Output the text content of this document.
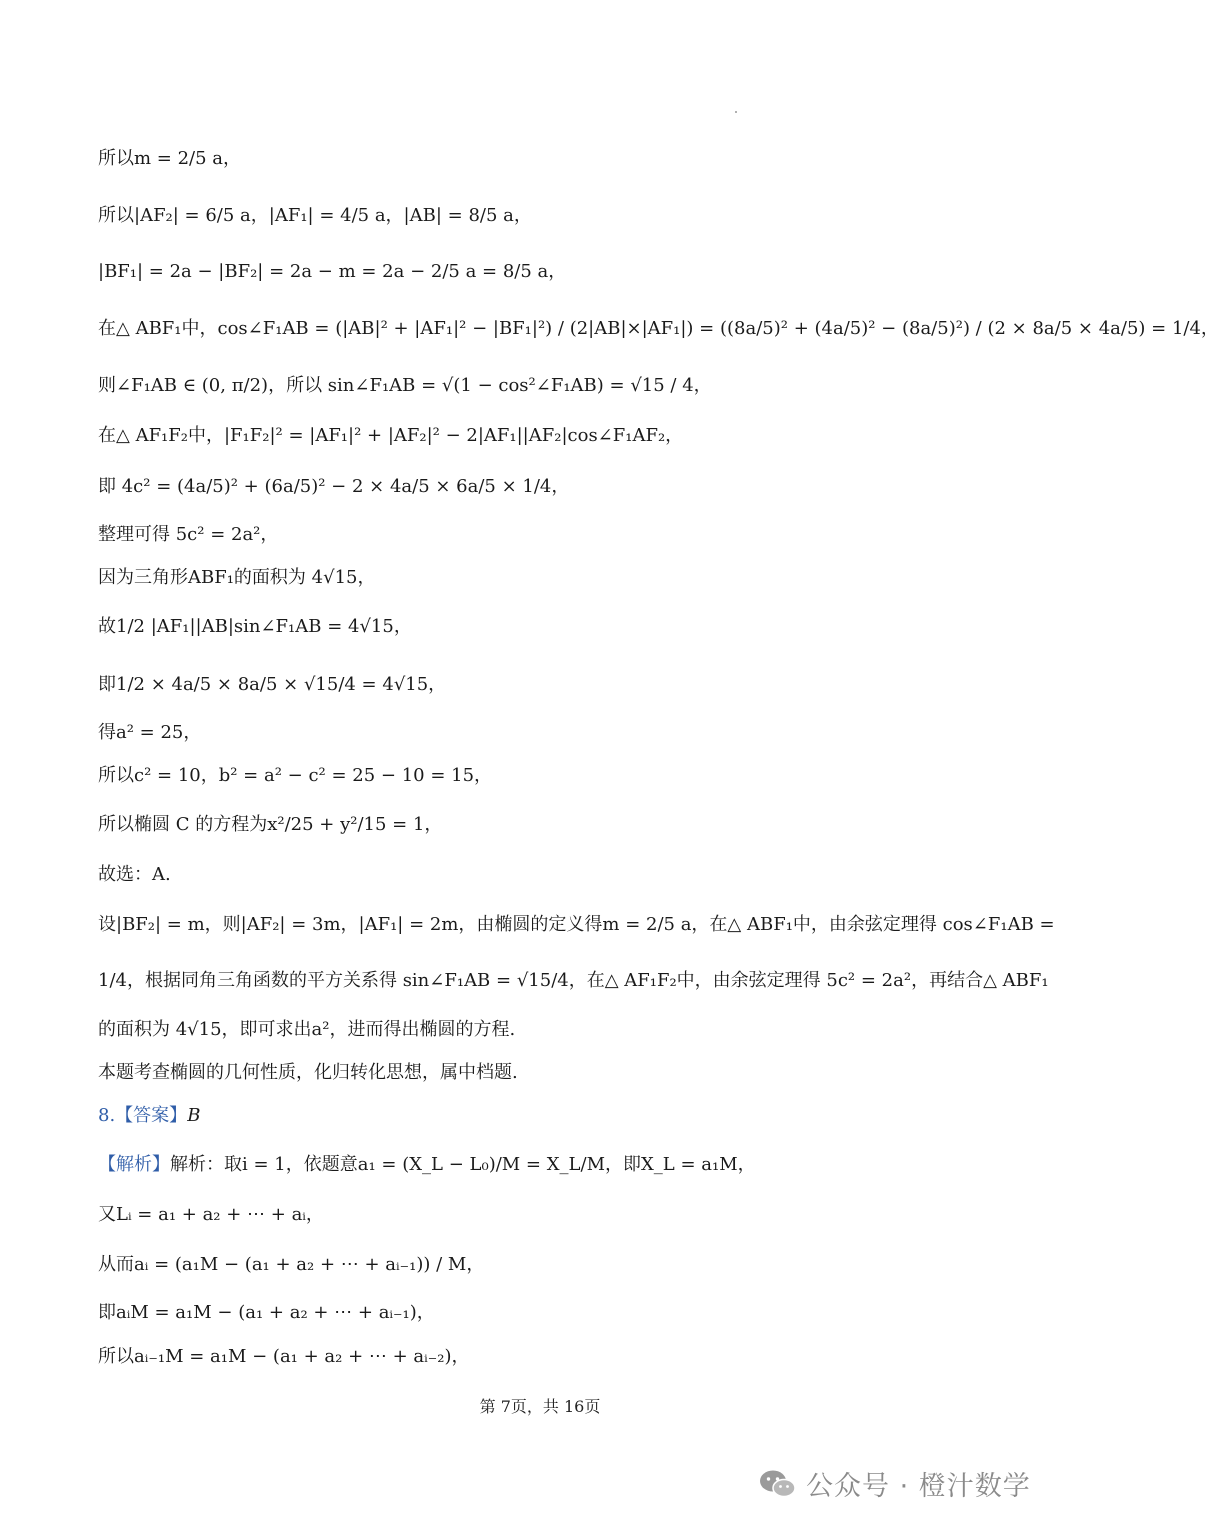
所以m = 2/5 a，
所以|AF₂| = 6/5 a，|AF₁| = 4/5 a，|AB| = 8/5 a，
|BF₁| = 2a − |BF₂| = 2a − m = 2a − 2/5 a = 8/5 a，
在△ ABF₁中，cos∠F₁AB = (|AB|² + |AF₁|² − |BF₁|²) / (2|AB|×|AF₁|) = ((8a/5)² + (4a/5)² − (8a/5)²) / (2 × 8a/5 × 4a/5) = 1/4，
则∠F₁AB ∈ (0, π/2)，所以 sin∠F₁AB = √(1 − cos²∠F₁AB) = √15 / 4，
在△ AF₁F₂中，|F₁F₂|² = |AF₁|² + |AF₂|² − 2|AF₁||AF₂|cos∠F₁AF₂，
即 4c² = (4a/5)² + (6a/5)² − 2 × 4a/5 × 6a/5 × 1/4，
整理可得 5c² = 2a²，
因为三角形ABF₁的面积为 4√15，
故1/2 |AF₁||AB|sin∠F₁AB = 4√15，
即1/2 × 4a/5 × 8a/5 × √15/4 = 4√15，
得a² = 25，
所以c² = 10，b² = a² − c² = 25 − 10 = 15，
所以椭圆 C 的方程为x²/25 + y²/15 = 1，
故选：A.
设|BF₂| = m，则|AF₂| = 3m，|AF₁| = 2m，由椭圆的定义得m = 2/5 a，在△ ABF₁中，由余弦定理得 cos∠F₁AB =
1/4，根据同角三角函数的平方关系得 sin∠F₁AB = √15/4，在△ AF₁F₂中，由余弦定理得 5c² = 2a²，再结合△ ABF₁
的面积为 4√15，即可求出a²，进而得出椭圆的方程.
本题考查椭圆的几何性质，化归转化思想，属中档题.
8.【答案】B
【解析】解析：取i = 1，依题意a₁ = (X_L − L₀)/M = X_L/M，即X_L = a₁M，
又Lᵢ = a₁ + a₂ + ⋯ + aᵢ，
从而aᵢ = (a₁M − (a₁ + a₂ + ⋯ + aᵢ₋₁)) / M，
即aᵢM = a₁M − (a₁ + a₂ + ⋯ + aᵢ₋₁)，
所以aᵢ₋₁M = a₁M − (a₁ + a₂ + ⋯ + aᵢ₋₂)，
第 7页，共 16页
公众号 · 橙汁数学
